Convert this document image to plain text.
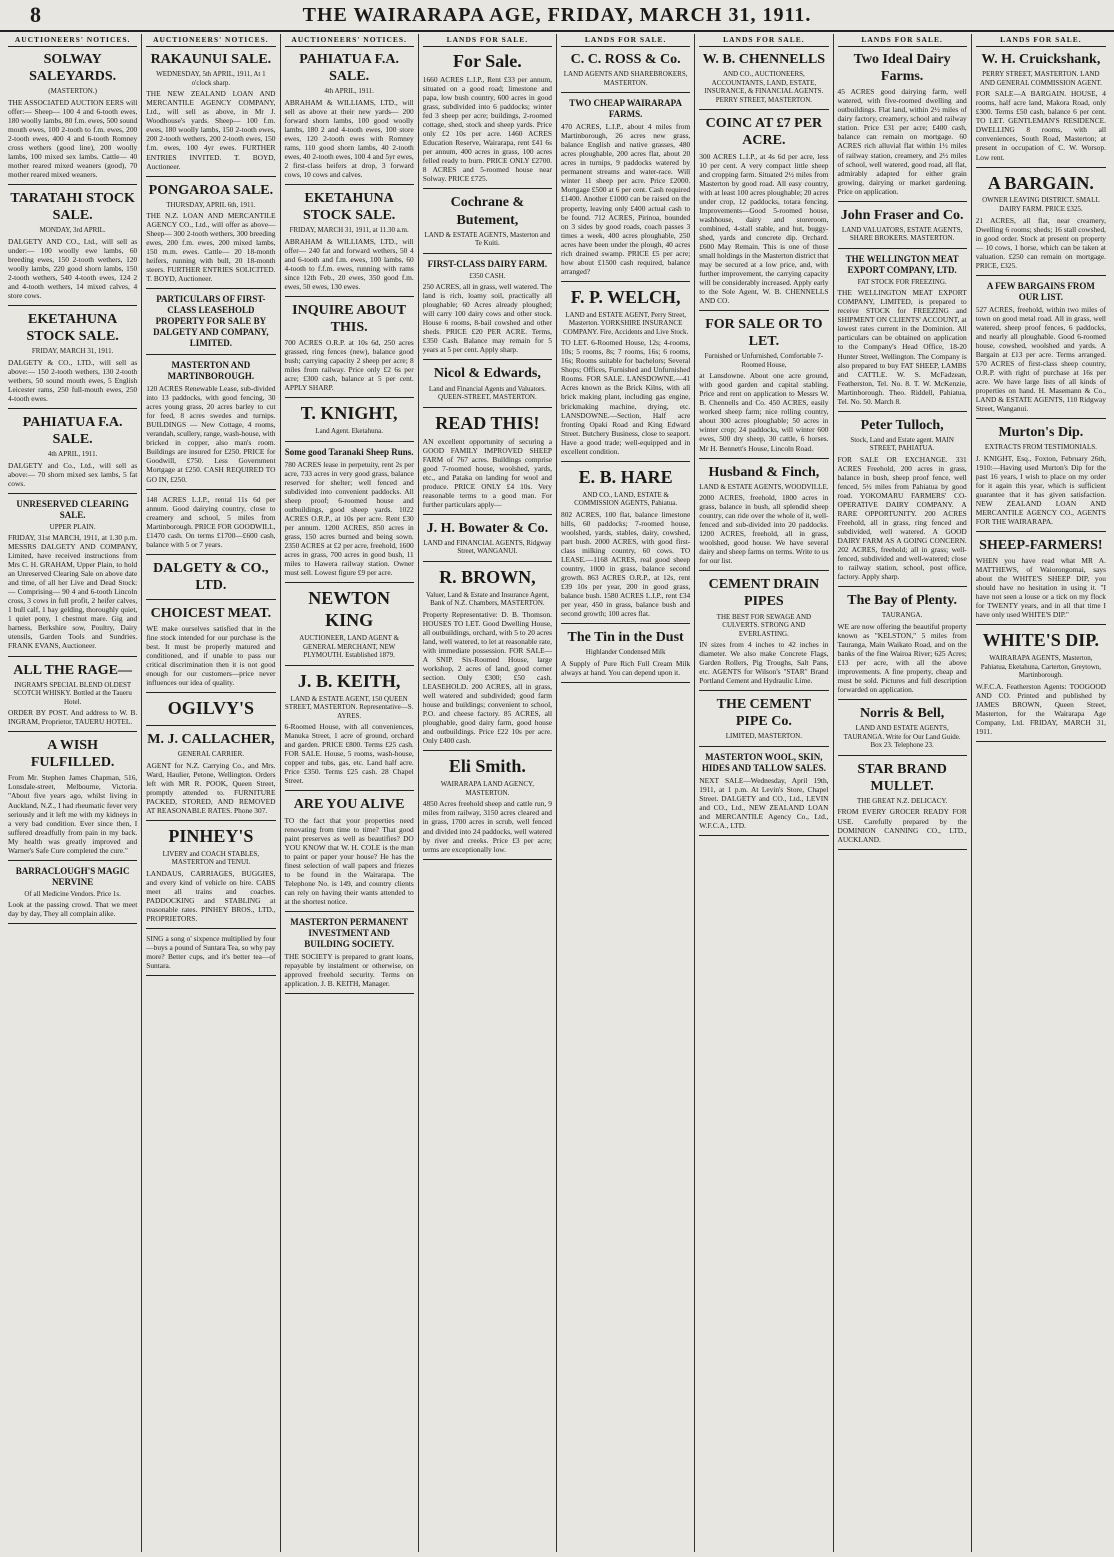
8	THE WAIRARAPA AGE, FRIDAY, MARCH 31, 1911.
AUCTIONEERS' NOTICES.
SOLWAY SALEYARDS.
(MASTERTON.)
THE ASSOCIATED AUCTION EERS will offer:— Sheep— 100 4 and 6-tooth ewes, 180 woolly lambs, 80 f.m. ewes, 500 sound mouth ewes, 100 2-tooth to f.m. ewes, 200 2-tooth ewes, 400 4 and 6-tooth Romney cross wethers (good line), 200 woolly lambs, 100 mixed sex lambs. Cattle— 40 mother reared mixed weaners (good), 70 mother reared mixed weaners.
TARATAHI STOCK SALE.
MONDAY, 3rd APRIL.
DALGETY AND CO., Ltd., will sell as under:— 100 woolly ewe lambs, 60 breeding ewes, 150 2-tooth wethers, 120 woolly lambs, 220 good shorn lambs, 150 2-tooth wethers, 540 4-tooth ewes, 124 2 and 4-tooth wethers, 14 mixed calves, 4 store cows.
EKETAHUNA STOCK SALE.
FRIDAY, MARCH 31, 1911.
DALGETY & CO., LTD., will sell as above:— 150 2-tooth wethers, 130 2-tooth wethers, 50 sound mouth ewes, 5 English Leicester rams, 250 full-mouth ewes, 250 4-tooth ewes.
PAHIATUA F.A. SALE.
4th APRIL, 1911.
DALGETY and Co., Ltd., will sell as above:— 70 shorn mixed sex lambs, 5 fat cows.
UNRESERVED CLEARING SALE.
UPPER PLAIN.
FRIDAY, 31st MARCH, 1911, at 1.30 p.m. MESSRS DALGETY AND COMPANY, Limited, have received instructions from Mrs C. H. GRAHAM, Upper Plain, to hold an Unreserved Clearing Sale on above date and time, of all her Live and Dead Stock:— Comprising— 90 4 and 6-tooth Lincoln cross, 3 cows in full profit, 2 heifer calves, 1 bull calf, 1 bay gelding, thoroughly quiet, 1 quiet pony, 1 chestnut mare. Gig and harness, Berkshire sow, Poultry, Dairy utensils, Garden Tools and Sundries. FRANK EVANS, Auctioneer.
ALL THE RAGE—
INGRAM'S SPECIAL BLEND OLDEST SCOTCH WHISKY. Bottled at the Taueru Hotel.
ORDER BY POST. And address to W. B. INGRAM, Proprietor, TAUERU HOTEL.
A WISH FULFILLED.
From Mr. Stephen James Chapman, 516, Lonsdale-street, Melbourne, Victoria. "About five years ago, whilst living in Auckland, N.Z., I had rheumatic fever very seriously and it left me with my kidneys in a very bad condition. Ever since then, I suffered dreadfully from pain in my back. My health was greatly improved and Warner's Safe Cure completed the cure."
BARRACLOUGH'S MAGIC NERVINE
Of all Medicine Vendors. Price 1s.
Look at the passing crowd. That we meet day by day, They all complain alike.
AUCTIONEERS' NOTICES.
RAKAUNUI SALE.
WEDNESDAY, 5th APRIL, 1911, At 1 o'clock sharp.
THE NEW ZEALAND LOAN AND MERCANTILE AGENCY COMPANY, Ltd., will sell as above, in Mr J. Woodhouse's yards. Sheep— 100 f.m. ewes, 180 woolly lambs, 150 2-tooth ewes, 200 2-tooth wethers, 200 2-tooth ewes, 150 f.m. ewes, 100 4yr ewes. FURTHER ENTRIES INVITED. T. BOYD, Auctioneer.
PONGAROA SALE.
THURSDAY, APRIL 6th, 1911.
THE N.Z. LOAN AND MERCANTILE AGENCY CO., Ltd., will offer as above— Sheep— 300 2-tooth wethers, 300 breeding ewes, 200 f.m. ewes, 200 mixed lambs, 150 m.m. ewes. Cattle— 20 18-month heifers, running with bull, 20 18-month steers. FURTHER ENTRIES SOLICITED. T. BOYD, Auctioneer.
PARTICULARS OF FIRST-CLASS LEASEHOLD PROPERTY FOR SALE BY DALGETY AND COMPANY, LIMITED.
MASTERTON AND MARTINBOROUGH.
120 ACRES Renewable Lease, sub-divided into 13 paddocks, with good fencing, 30 acres young grass, 20 acres barley to cut for feed, 8 acres swedes and turnips. BUILDINGS — New Cottage, 4 rooms, verandah, scullery, range, wash-house, with bricked in copper, also man's room. Buildings are insured for £250. PRICE for Goodwill, £750. Less Government Mortgage at £250. CASH REQUIRED TO GO IN, £250.
148 ACRES L.I.P., rental 11s 6d per annum. Good dairying country, close to creamery and school, 5 miles from Martinborough. PRICE FOR GOODWILL, £1470 cash. On terms £1700—£600 cash, balance with 5 or 7 years.
DALGETY & CO., LTD.
CHOICEST MEAT.
WE make ourselves satisfied that in the fine stock intended for our purchase is the best. It must be properly matured and conditioned, and if unable to pass our critical discrimination then it is not good enough for our customers—price never influences our idea of quality.
OGILVY'S
M. J. CALLACHER,
GENERAL CARRIER.
AGENT for N.Z. Carrying Co., and Mrs. Ward, Haulier, Petone, Wellington. Orders left with MR R. POOK, Queen Street, promptly attended to. FURNITURE PACKED, STORED, AND REMOVED AT REASONABLE RATES. Phone 307.
PINHEY'S
LIVERY and COACH STABLES, MASTERTON and TENUI.
LANDAUS, CARRIAGES, BUGGIES, and every kind of vehicle on hire. CABS meet all trains and coaches. PADDOCKING and STABLING at reasonable rates. PINHEY BROS., LTD., PROPRIETORS.
SING a song o' sixpence multiplied by four—buys a pound of Suntara Tea, so why pay more? Better cups, and it's better tea—of Suntara.
AUCTIONEERS' NOTICES.
PAHIATUA F.A. SALE.
4th APRIL, 1911.
ABRAHAM & WILLIAMS, LTD., will sell as above at their new yards— 200 forward shorn lambs, 100 good woolly lambs, 180 2 and 4-tooth ewes, 100 store ewes, 120 2-tooth ewes with Romney rams, 110 good shorn lambs, 40 2-tooth ewes, 40 2-tooth ewes, 100 4 and 5yr ewes, 2 first-class heifers at drop, 3 forward cows, 10 cows and calves.
EKETAHUNA STOCK SALE.
FRIDAY, MARCH 31, 1911, at 11.30 a.m.
ABRAHAM & WILLIAMS, LTD., will offer— 240 fat and forward wethers, 50 4 and 6-tooth and f.m. ewes, 100 lambs, 60 4-tooth to f.f.m. ewes, running with rams since 12th Feb., 20 ewes, 350 good f.m. ewes, 50 ewes, 130 ewes.
INQUIRE ABOUT THIS.
700 ACRES O.R.P. at 10s 6d, 250 acres grassed, ring fences (new), balance good bush; carrying capacity 2 sheep per acre; 8 miles from railway. Price only £2 6s per acre; £300 cash, balance at 5 per cent. APPLY SHARP.
T. KNIGHT,
Land Agent. Eketahuna.
Some good Taranaki Sheep Runs.
780 ACRES lease in perpetuity, rent 2s per acre, 733 acres in very good grass, balance reserved for shelter; well fenced and subdivided into convenient paddocks. All sheep proof; 6-roomed house and outbuildings, good sheep yards. 1022 ACRES O.R.P., at 10s per acre. Rent £30 per annum. 1200 ACRES, 850 acres in grass, 150 acres burned and being sown. 2350 ACRES at £2 per acre, freehold, 1600 acres in grass, 700 acres in good bush, 11 miles to Hawera railway station. Owner must sell. Lowest figure £9 per acre.
NEWTON KING
AUCTIONEER, LAND AGENT & GENERAL MERCHANT, NEW PLYMOUTH. Established 1879.
J. B. KEITH,
LAND & ESTATE AGENT, 150 QUEEN STREET, MASTERTON. Representative—S. AYRES.
6-Roomed House, with all conveniences, Manuka Street, 1 acre of ground, orchard and garden. PRICE £800. Terms £25 cash. FOR SALE. House, 5 rooms, wash-house, copper and tubs, gas, etc. Land half acre. Price £350. Terms £25 cash. 28 Chapel Street.
ARE YOU ALIVE
TO the fact that your properties need renovating from time to time? That good paint preserves as well as beautifies? DO YOU KNOW that W. H. COLE is the man to paint or paper your house? He has the finest selection of wall papers and friezes to be found in the Wairarapa. The Telephone No. is 149, and country clients can rely on having their wants attended to at the shortest notice.
MASTERTON PERMANENT INVESTMENT AND BUILDING SOCIETY.
THE SOCIETY is prepared to grant loans, repayable by instalment or otherwise, on approved freehold security. Terms on application. J. B. KEITH, Manager.
LANDS FOR SALE.
For Sale.
1660 ACRES L.I.P., Rent £33 per annum, situated on a good road; limestone and papa, low bush country, 600 acres in good grass, subdivided into 6 paddocks; winter fed 3 sheep per acre; buildings, 2-roomed cottage, shed, stock and sheep yards. Price only £2 10s per acre. 1460 ACRES Education Reserve, Wairarapa, rent £41 6s per annum, 400 acres in grass, 100 acres felled ready to burn. PRICE ONLY £2700. 8 ACRES and 5-roomed house near Solway. PRICE £725.
Cochrane & Butement,
LAND & ESTATE AGENTS, Masterton and Te Kuiti.
FIRST-CLASS DAIRY FARM.
£350 CASH.
250 ACRES, all in grass, well watered. The land is rich, loamy soil, practically all ploughable; 60 Acres already ploughed; will carry 100 dairy cows and other stock. House 6 rooms, 8-bail cowshed and other sheds. PRICE £20 PER ACRE. Terms, £350 Cash. Balance may remain for 5 years at 5 per cent. Apply sharp.
Nicol & Edwards,
Land and Financial Agents and Valuators. QUEEN-STREET, MASTERTON.
READ THIS!
AN excellent opportunity of securing a GOOD FAMILY IMPROVED SHEEP FARM of 767 acres. Buildings comprise good 7-roomed house, woolshed, yards, etc., and Pataka on landing for wool and produce. PRICE ONLY £4 10s. Very reasonable terms to a good man. For further particulars apply—
J. H. Bowater & Co.
LAND and FINANCIAL AGENTS, Ridgway Street, WANGANUI.
R. BROWN,
Valuer, Land & Estate and Insurance Agent, Bank of N.Z. Chambers, MASTERTON.
Property Representative: D. B. Thomson. HOUSES TO LET. Good Dwelling House, all outbuildings, orchard, with 5 to 20 acres land, well watered, to let at reasonable rate, with immediate possession. FOR SALE—A SNIP. Six-Roomed House, large workshop, 2 acres of land, good corner section. Only £300; £50 cash. LEASEHOLD. 200 ACRES, all in grass, well watered and subdivided; good farm house and buildings; convenient to school, P.O. and cheese factory. 85 ACRES, all ploughable, good dairy farm, good house and outbuildings. Price £22 10s per acre. Only £400 cash.
Eli Smith.
WAIRARAPA LAND AGENCY, MASTERTON.
4850 Acres freehold sheep and cattle run, 9 miles from railway, 3150 acres cleared and in grass, 1700 acres in scrub, well fenced and divided into 24 paddocks, well watered by river and creeks. Price £3 per acre; terms are exceptionally low.
LANDS FOR SALE.
C. C. ROSS & Co.
LAND AGENTS AND SHAREBROKERS, MASTERTON.
TWO CHEAP WAIRARAPA FARMS.
470 ACRES, L.I.P., about 4 miles from Martinborough, 26 acres new grass, balance English and native grasses, 480 acres ploughable, 200 acres flat, about 20 acres in turnips, 9 paddocks watered by permanent streams and water-race. Will winter 11 sheep per acre. Price £2000. Mortgage £500 at 6 per cent. Cash required £1400. Another £1000 can be raised on the property, leaving only £400 actual cash to be found. 712 ACRES, Pirinoa, bounded on 3 sides by good roads, coach passes 3 times a week, 400 acres ploughable, 250 acres have been under the plough, 40 acres rich drained swamp. PRICE £5 per acre; how about £1500 cash required, balance arranged?
F. P. WELCH,
LAND and ESTATE AGENT, Perry Street, Masterton. YORKSHIRE INSURANCE COMPANY. Fire, Accidents and Live Stock.
TO LET. 6-Roomed House, 12s; 4-rooms, 10s; 5 rooms, 8s; 7 rooms, 16s; 6 rooms, 16s; Rooms suitable for bachelors; Several Shops; Offices, Furnished and Unfurnished Rooms. FOR SALE. LANSDOWNE.—41 Acres known as the Brick Kilns, with all brick making plant, including gas engine, brickmaking machine, drying, etc. LANSDOWNE.—Section, Half acre fronting Opaki Road and King Edward Street. Butchery Business, close to seaport. Have a good trade; well-equipped and in excellent condition.
E. B. HARE
AND CO., LAND, ESTATE & COMMISSION AGENTS, Pahiatua.
802 ACRES, 100 flat, balance limestone hills, 60 paddocks; 7-roomed house, woolshed, yards, stables, dairy, cowshed, part bush. 2000 ACRES, with good first-class milking country, 60 cows. TO LEASE.—1168 ACRES, real good sheep country, 1000 in grass, balance second growth. 863 ACRES O.R.P., at 12s, rent £39 10s per year, 200 in good grass, balance bush. 1580 ACRES L.I.P., rent £34 per year, 450 in grass, balance bush and second growth; 100 acres flat.
The Tin in the Dust
Highlander Condensed Milk
A Supply of Pure Rich Full Cream Milk always at hand. You can depend upon it.
LANDS FOR SALE.
W. B. CHENNELLS
AND CO., AUCTIONEERS, ACCOUNTANTS, LAND, ESTATE, INSURANCE, & FINANCIAL AGENTS. PERRY STREET, MASTERTON.
COINC AT £7 PER ACRE.
300 ACRES L.I.P., at 4s 6d per acre, less 10 per cent. A very compact little sheep and cropping farm. Situated 2½ miles from Masterton by good road. All easy country, with at least 100 acres ploughable; 20 acres under crop, 12 paddocks, totara fencing. Improvements—Good 5-roomed house, washhouse, dairy and storeroom, combined, 4-stall stable, and hut, buggy-shed, yards and concrete dip. Orchard. £600 May Remain. This is one of those small holdings in the Masterton district that may be secured at a low price, and, with further improvement, the carrying capacity will be considerably increased. Apply early to the Sole Agent, W. B. CHENNELLS AND CO.
FOR SALE OR TO LET.
Furnished or Unfurnished, Comfortable 7-Roomed House,
at Lansdowne. About one acre ground, with good garden and capital stabling. Price and rent on application to Messrs W. B. Chennells and Co. 450 ACRES, easily worked sheep farm; nice rolling country, about 300 acres ploughable; 50 acres in winter crop; 24 paddocks, will winter 600 ewes, 500 dry sheep, 30 cattle, 6 horses. Mr H. Bennett's House, Lincoln Road.
Husband & Finch,
LAND & ESTATE AGENTS, WOODVILLE.
2000 ACRES, freehold, 1800 acres in grass, balance in bush, all splendid sheep country, can ride over the whole of it, well-fenced and sub-divided into 20 paddocks. 1200 ACRES, freehold, all in grass, woolshed, good house. We have several dairy and sheep farms on terms. Write to us for our list.
CEMENT DRAIN PIPES
THE BEST FOR SEWAGE AND CULVERTS. STRONG AND EVERLASTING.
IN sizes from 4 inches to 42 inches in diameter. We also make Concrete Flags, Garden Rollers, Pig Troughs, Salt Pans, etc. AGENTS for Wilson's "STAR" Brand Portland Cement and Hydraulic Lime.
THE CEMENT PIPE Co.
LIMITED, MASTERTON.
MASTERTON WOOL, SKIN, HIDES AND TALLOW SALES.
NEXT SALE—Wednesday, April 19th, 1911, at 1 p.m. At Levin's Store, Chapel Street. DALGETY and CO., Ltd., LEVIN and CO., Ltd., NEW ZEALAND LOAN and MERCANTILE Agency Co., Ltd., W.F.C.A., LTD.
LANDS FOR SALE.
Two Ideal Dairy Farms.
45 ACRES good dairying farm, well watered, with five-roomed dwelling and outbuildings. Flat land, within 2½ miles of dairy factory, creamery, school and railway station. Price £31 per acre; £400 cash, balance can remain on mortgage. 60 ACRES rich alluvial flat within 1½ miles of railway station, creamery, and 2½ miles of school, well watered, good road, all flat, admirably adapted for either grain growing, dairying or market gardening. Price on application.
John Fraser and Co.
LAND VALUATORS, ESTATE AGENTS, SHARE BROKERS. MASTERTON.
THE WELLINGTON MEAT EXPORT COMPANY, LTD.
FAT STOCK FOR FREEZING.
THE WELLINGTON MEAT EXPORT COMPANY, LIMITED, is prepared to receive STOCK for FREEZING and SHIPMENT ON CLIENTS' ACCOUNT, at lowest rates current in the Dominion. All particulars can be obtained on application to the Company's Head Office, 18-20 Hunter Street, Wellington. The Company is also prepared to buy FAT SHEEP, LAMBS and CATTLE. W. S. McFadzean, Featherston, Tel. No. 8. T. W. McKenzie, Martinborough. Theo. Riddell, Pahiatua, Tel. No. 50. March 8.
Peter Tulloch,
Stock, Land and Estate agent. MAIN STREET, PAHIATUA.
FOR SALE OR EXCHANGE. 331 ACRES Freehold, 200 acres in grass, balance in bush, sheep proof fence, well fenced, 5½ miles from Pahiatua by good road. YOKOMARU FARMERS' CO-OPERATIVE DAIRY COMPANY. A RARE OPPORTUNITY. 200 ACRES Freehold, all in grass, ring fenced and subdivided, well watered. A GOOD DAIRY FARM AS A GOING CONCERN. 202 ACRES, freehold; all in grass; well-fenced, subdivided and well-watered; close to railway station, school, post office, factory. Apply sharp.
The Bay of Plenty.
TAURANGA.
WE are now offering the beautiful property known as "KELSTON," 5 miles from Tauranga, Main Waikato Road, and on the banks of the fine Wairoa River; 625 Acres; £13 per acre, with all the above improvements. A fine property, cheap and must be sold. Pictures and full description forwarded on application.
Norris & Bell,
LAND AND ESTATE AGENTS, TAURANGA. Write for Our Land Guide. Box 23. Telephone 23.
STAR BRAND MULLET.
THE GREAT N.Z. DELICACY.
FROM EVERY GROCER READY FOR USE. Carefully prepared by the DOMINION CANNING CO., LTD., AUCKLAND.
LANDS FOR SALE.
W. H. Cruickshank,
PERRY STREET, MASTERTON. LAND AND GENERAL COMMISSION AGENT.
FOR SALE—A BARGAIN. HOUSE, 4 rooms, half acre land, Makora Road, only £300. Terms £50 cash, balance 6 per cent. TO LET. GENTLEMAN'S RESIDENCE. DWELLING 8 rooms, with all conveniences, South Road, Masterton; at present in occupation of C. W. Worsop. Low rent.
A BARGAIN.
OWNER LEAVING DISTRICT. SMALL DAIRY FARM. PRICE £325.
21 ACRES, all flat, near creamery, Dwelling 6 rooms; sheds; 16 stall cowshed, in good order. Stock at present on property— 10 cows, 1 horse, which can be taken at valuation. £250 can remain on mortgage. PRICE, £325.
A FEW BARGAINS FROM OUR LIST.
527 ACRES, freehold, within two miles of town on good metal road. All in grass, well watered, sheep proof fences, 6 paddocks, and nearly all ploughable. Good 6-roomed house, cowshed, woolshed and yards. A Bargain at £13 per acre. Terms arranged. 570 ACRES of first-class sheep country, O.R.P. with right of purchase at 16s per acre. We have large lists of all kinds of properties on hand. H. Masemann & Co., LAND & ESTATE AGENTS, 110 Ridgway Street, Wanganui.
Murton's Dip.
EXTRACTS FROM TESTIMONIALS.
J. KNIGHT, Esq., Foxton, February 26th, 1910:—Having used Murton's Dip for the past 16 years, I wish to place on my order for it again this year, which is sufficient guarantee that it has given satisfaction. NEW ZEALAND LOAN AND MERCANTILE AGENCY CO., AGENTS FOR THE WAIRARAPA.
SHEEP-FARMERS!
WHEN you have read what MR A. MATTHEWS, of Waiorongomai, says about the WHITE'S SHEEP DIP, you should have no hesitation in using it. "I have not seen a louse or a tick on my flock for TWENTY years, and in all that time I have only used WHITE'S DIP."
WHITE'S DIP.
WAIRARAPA AGENTS, Masterton, Pahiatua, Eketahuna, Carterton, Greytown, Martinborough.
W.F.C.A. Featherston Agents: TOOGOOD AND CO. Printed and published by JAMES BROWN, Queen Street, Masterton, for the Wairarapa Age Company, Ltd. FRIDAY, MARCH 31, 1911.
